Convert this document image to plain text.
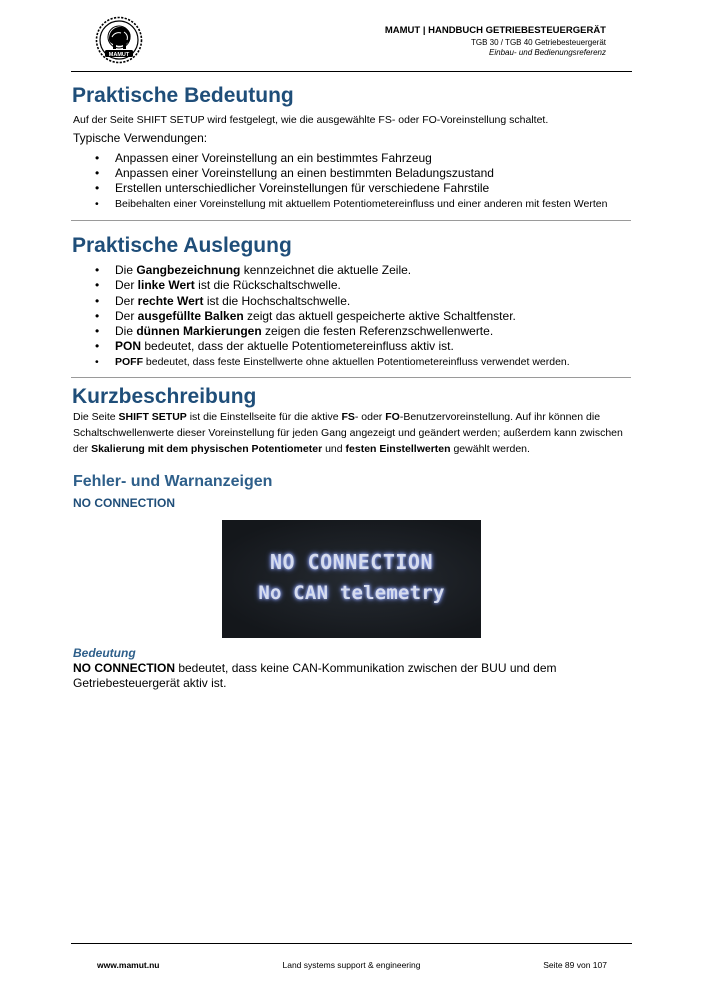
MAMUT
MAMUT | HANDBUCH GETRIEBESTEUERGERÄT
TGB 30 / TGB 40 Getriebesteuergerät
Einbau- und Bedienungsreferenz
Praktische Bedeutung

Auf der Seite SHIFT SETUP wird festgelegt, wie die ausgewählte FS- oder FO-Voreinstellung schaltet.

Typische Verwendungen:

• Anpassen einer Voreinstellung an ein bestimmtes Fahrzeug
• Anpassen einer Voreinstellung an einen bestimmten Beladungszustand
• Erstellen unterschiedlicher Voreinstellungen für verschiedene Fahrstile
• Beibehalten einer Voreinstellung mit aktuellem Potentiometereinfluss und einer anderen mit festen Werten
Praktische Auslegung
• Die Gangbezeichnung kennzeichnet die aktuelle Zeile.
• Der linke Wert ist die Rückschaltschwelle.
• Der rechte Wert ist die Hochschaltschwelle.
• Der ausgefüllte Balken zeigt das aktuell gespeicherte aktive Schaltfenster.
• Die dünnen Markierungen zeigen die festen Referenzschwellenwerte.
• PON bedeutet, dass der aktuelle Potentiometereinfluss aktiv ist.
• POFF bedeutet, dass feste Einstellwerte ohne aktuellen Potentiometereinfluss verwendet werden.
Kurzbeschreibung

Die Seite SHIFT SETUP ist die Einstellseite für die aktive FS- oder FO-Benutzervoreinstellung. Auf ihr können die Schaltschwellenwerte dieser Voreinstellung für jeden Gang angezeigt und geändert werden; außerdem kann zwischen der Skalierung mit dem physischen Potentiometer und festen Einstellwerten gewählt werden.

Fehler- und Warnanzeigen
NO CONNECTION
NO CONNECTION
No CAN telemetry
Bedeutung

NO CONNECTION bedeutet, dass keine CAN-Kommunikation zwischen der BUU und dem Getriebesteuergerät aktiv ist.

www.mamut.nu	Land systems support & engineering	Seite 89 von 107
